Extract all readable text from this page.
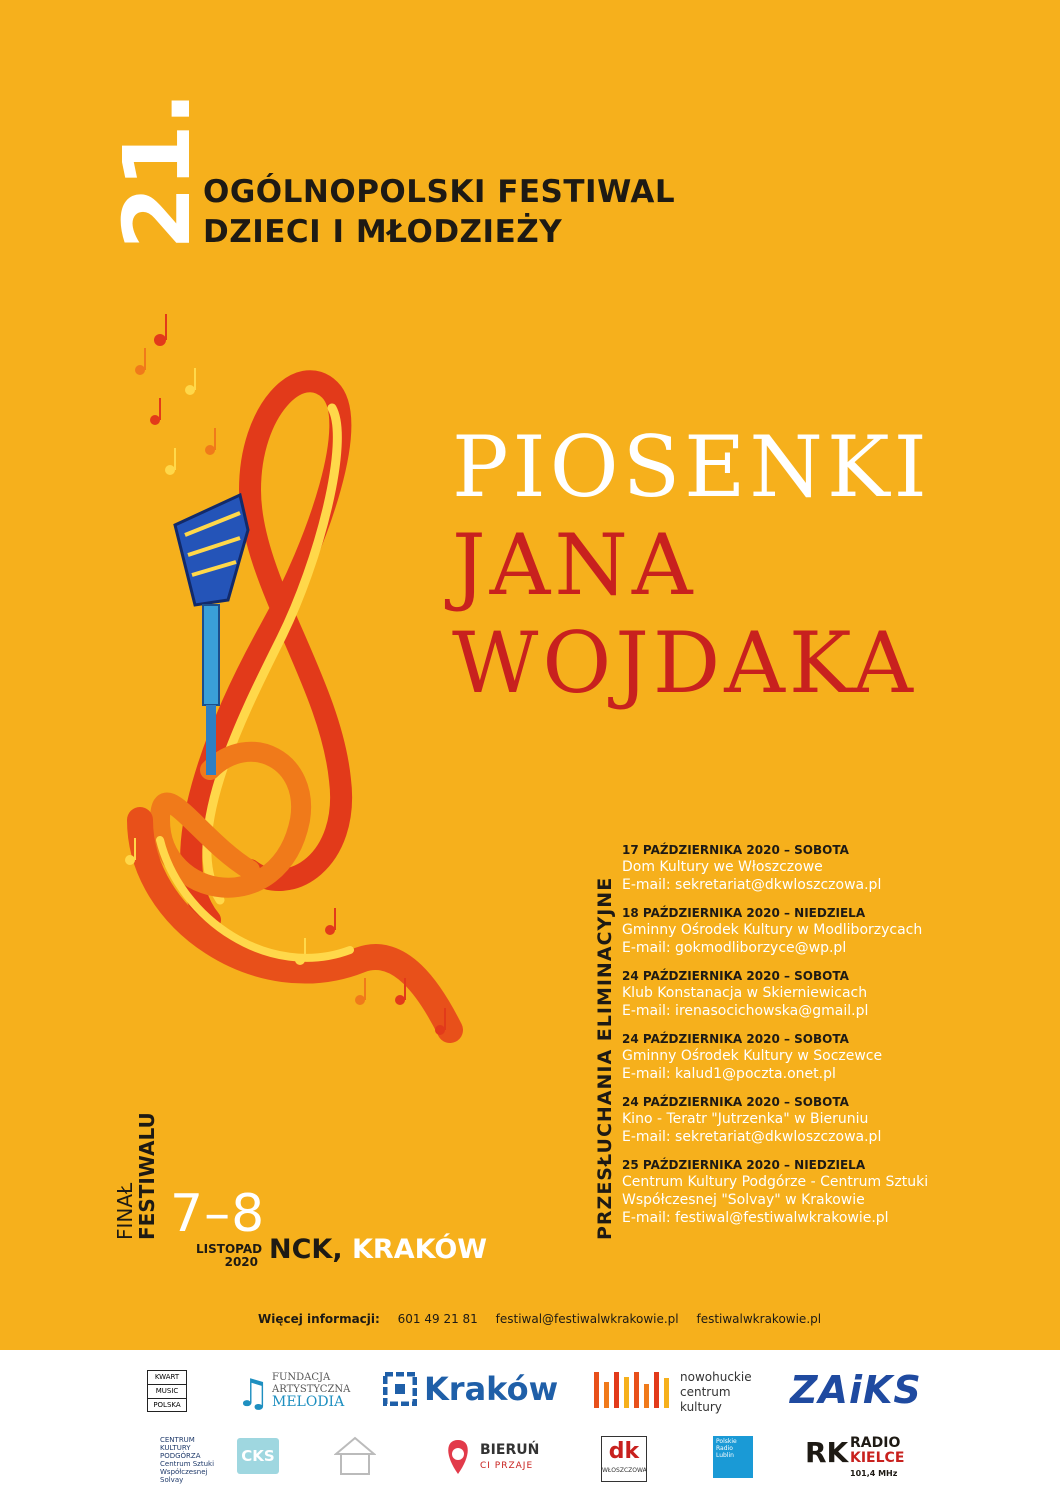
21.
OGÓLNOPOLSKI FESTIWAL
DZIECI I MŁODZIEŻY
PIOSENKI
JANA
WOJDAKA
PRZESŁUCHANIA ELIMINACYJNE
17 PAŹDZIERNIKA 2020 – SOBOTA
Dom Kultury we Włoszczowe
E-mail: sekretariat@dkwloszczowa.pl
18 PAŹDZIERNIKA 2020 – NIEDZIELA
Gminny Ośrodek Kultury w Modliborzycach
E-mail: gokmodliborzyce@wp.pl
24 PAŹDZIERNIKA 2020 – SOBOTA
Klub Konstanacja w Skierniewicach
E-mail: irenasocichowska@gmail.pl
24 PAŹDZIERNIKA 2020 – SOBOTA
Gminny Ośrodek Kultury w Soczewce
E-mail: kalud1@poczta.onet.pl
24 PAŹDZIERNIKA 2020 – SOBOTA
Kino - Teratr "Jutrzenka" w Bieruniu
E-mail: sekretariat@dkwloszczowa.pl
25 PAŹDZIERNIKA 2020 – NIEDZIELA
Centrum Kultury Podgórze - Centrum Sztuki
Współczesnej "Solvay" w Krakowie
E-mail: festiwal@festiwalwkrakowie.pl
FINAŁ
FESTIWALU 7–8
LISTOPAD
2020 NCK, KRAKÓW
Więcej informacji: 601 49 21 81 festiwal@festiwalwkrakowie.pl festiwalwkrakowie.pl
KWART
MUSIC
POLSKA ♫ FUNDACJA
ARTYSTYCZNA
MELODIA Kraków	nowohuckie
centrum
kultury	ZAiKS
CENTRUM
KULTURY
PODGÓRZA
Centrum Sztuki
Współczesnej
Solvay
CKS	BIERUŃ
CI PRZAJE
dk
WŁOSZCZOWA
Polskie
Radio
Lublin	RK RADIO
KIELCE
101,4 MHz
